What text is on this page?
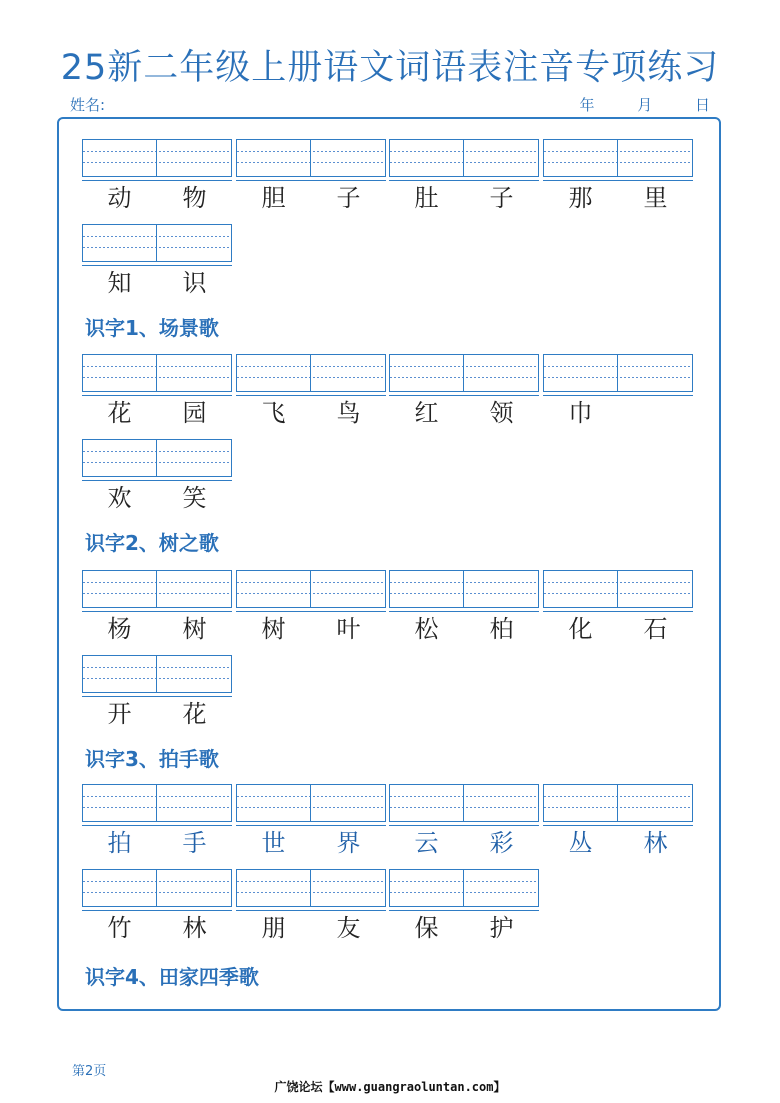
25新二年级上册语文词语表注音专项练习
姓名:	年 月 日
动	物	胆	子	肚	子	那	里
知	识
识字1、场景歌
花	园	飞	鸟	红	领	巾
欢	笑
识字2、树之歌
杨	树	树	叶	松	柏	化	石
开	花
识字3、拍手歌
拍	手	世	界	云	彩	丛	林
竹	林	朋	友	保	护
识字4、田家四季歌
第2页
广饶论坛【www.guangraoluntan.com】
